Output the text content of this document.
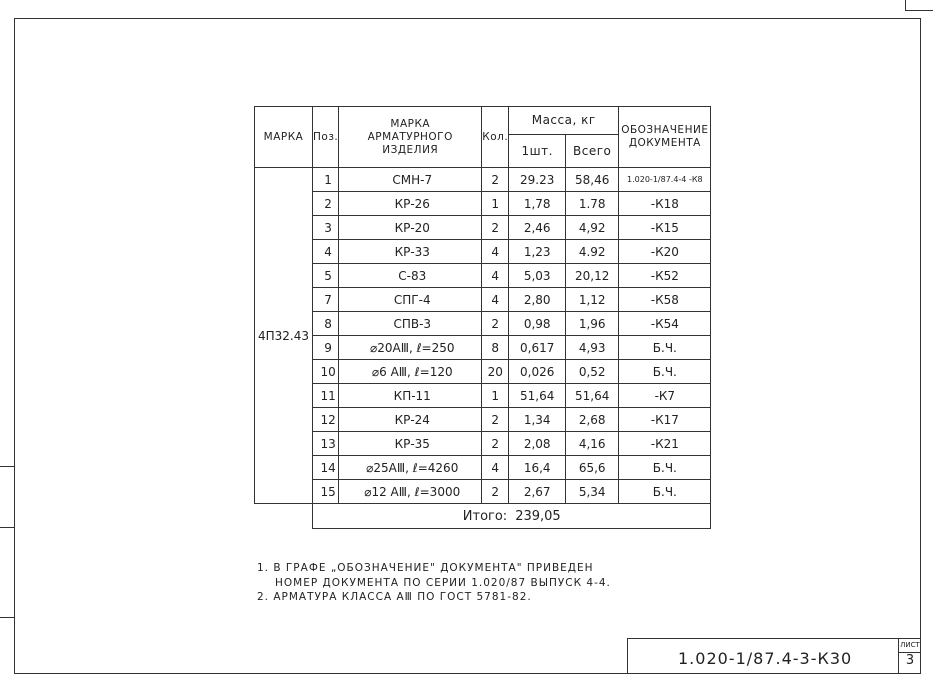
МАРКА	Поз.	МАРКА АРМАТУРНОГО ИЗДЕЛИЯ	Кол.	Масса, кг		ОБОЗНАЧЕНИЕ ДОКУМЕНТА
				1шт.	Всего	
4П32.43	1	СМН-7	2	29.23	58,46	1.020-1/87.4-4 -К8
	2	КР-26	1	1,78	1.78	-К18
	3	КР-20	2	2,46	4,92	-К15
	4	КР-33	4	1,23	4.92	-К20
	5	С-83	4	5,03	20,12	-К52
	7	СПГ-4	4	2,80	1,12	-К58
	8	СПВ-3	2	0,98	1,96	-К54
	9	⌀20АⅢ, ℓ=250	8	0,617	4,93	Б.Ч.
	10	⌀6 АⅢ, ℓ=120	20	0,026	0,52	Б.Ч.
	11	КП-11	1	51,64	51,64	-К7
	12	КР-24	2	1,34	2,68	-К17
	13	КР-35	2	2,08	4,16	-К21
	14	⌀25АⅢ, ℓ=4260	4	16,4	65,6	Б.Ч.
	15	⌀12 АⅢ, ℓ=3000	2	2,67	5,34	Б.Ч.
	Итого: 239,05					
1. В ГРАФЕ „ОБОЗНАЧЕНИЕ" ДОКУМЕНТА" ПРИВЕДЕН
НОМЕР ДОКУМЕНТА ПО СЕРИИ 1.020/87 ВЫПУСК 4-4.
2. АРМАТУРА КЛАССА АⅢ ПО ГОСТ 5781-82.
1.020-1/87.4-3-К30
ЛИСТ
3
